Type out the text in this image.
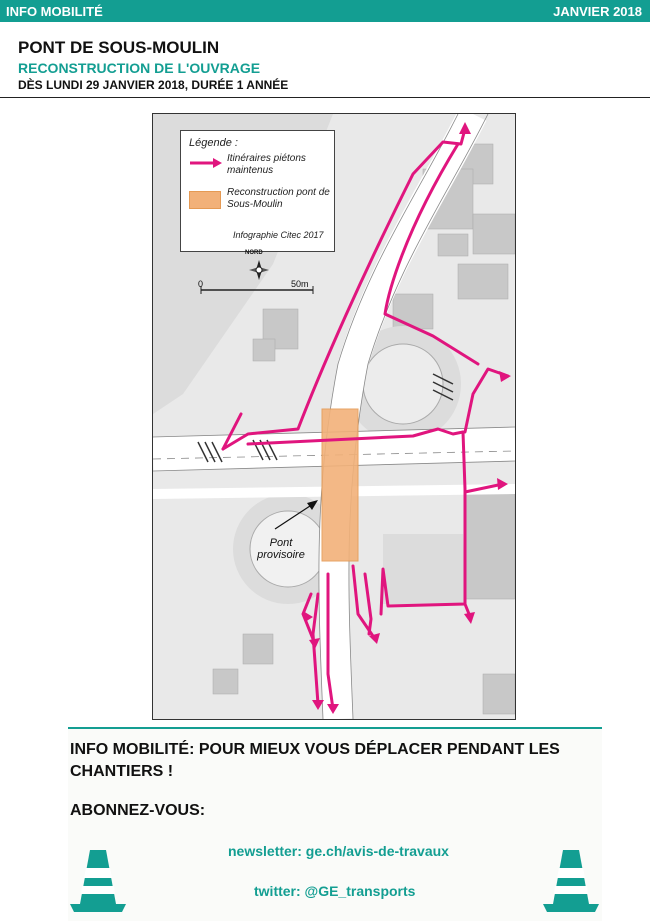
INFO MOBILITÉ	JANVIER 2018
PONT DE SOUS-MOULIN
RECONSTRUCTION DE L'OUVRAGE
DÈS LUNDI 29 JANVIER 2018, DURÉE 1 ANNÉE
Légende :
Itinéraires piétons maintenus
Reconstruction pont de Sous-Moulin
Infographie Citec 2017
NORD
0	50m
Pont provisoire
INFO MOBILITÉ: POUR MIEUX VOUS DÉPLACER PENDANT LES CHANTIERS !
ABONNEZ-VOUS:
newsletter: ge.ch/avis-de-travaux
twitter: @GE_transports
